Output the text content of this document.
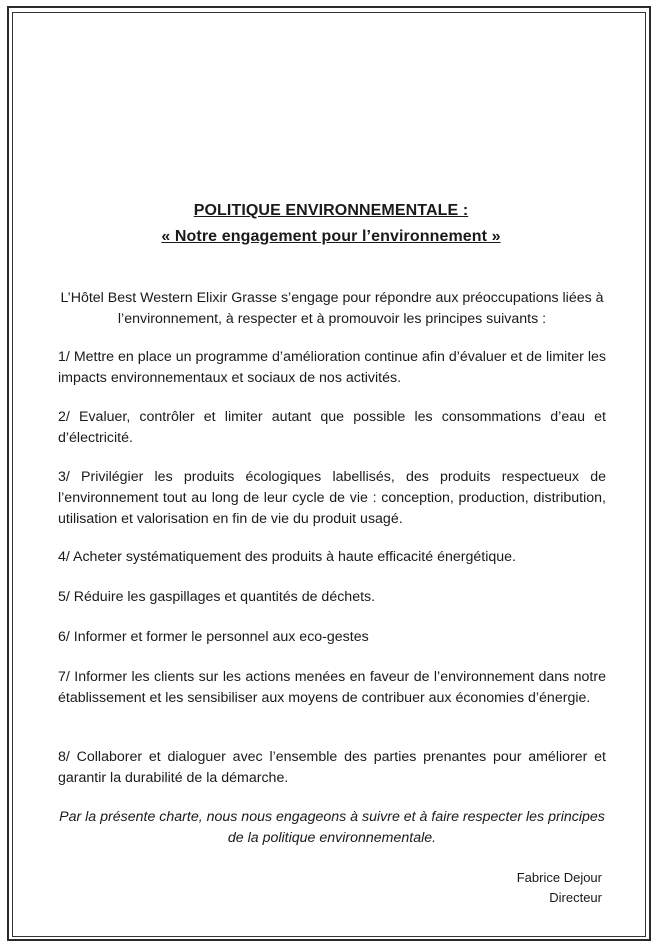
POLITIQUE ENVIRONNEMENTALE :
« Notre engagement pour l’environnement »
L’Hôtel Best Western Elixir Grasse s’engage pour répondre aux préoccupations liées à l’environnement, à respecter et à promouvoir les principes suivants :
1/ Mettre en place un programme d’amélioration continue afin d’évaluer et de limiter les impacts environnementaux et sociaux de nos activités.
2/ Evaluer, contrôler et limiter autant que possible les consommations d’eau et d’électricité.
3/ Privilégier les produits écologiques labellisés, des produits respectueux de l’environnement tout au long de leur cycle de vie : conception, production, distribution, utilisation et valorisation en fin de vie du produit usagé.
4/ Acheter systématiquement des produits à haute efficacité énergétique.
5/ Réduire les gaspillages et quantités de déchets.
6/ Informer et former le personnel aux eco-gestes
7/ Informer les clients sur les actions menées en faveur de l’environnement dans notre établissement et les sensibiliser aux moyens de contribuer aux économies d’énergie.
8/ Collaborer et dialoguer avec l’ensemble des parties prenantes pour améliorer et garantir la durabilité de la démarche.
Par la présente charte, nous nous engageons à suivre et à faire respecter les principes de la politique environnementale.
Fabrice Dejour
Directeur
